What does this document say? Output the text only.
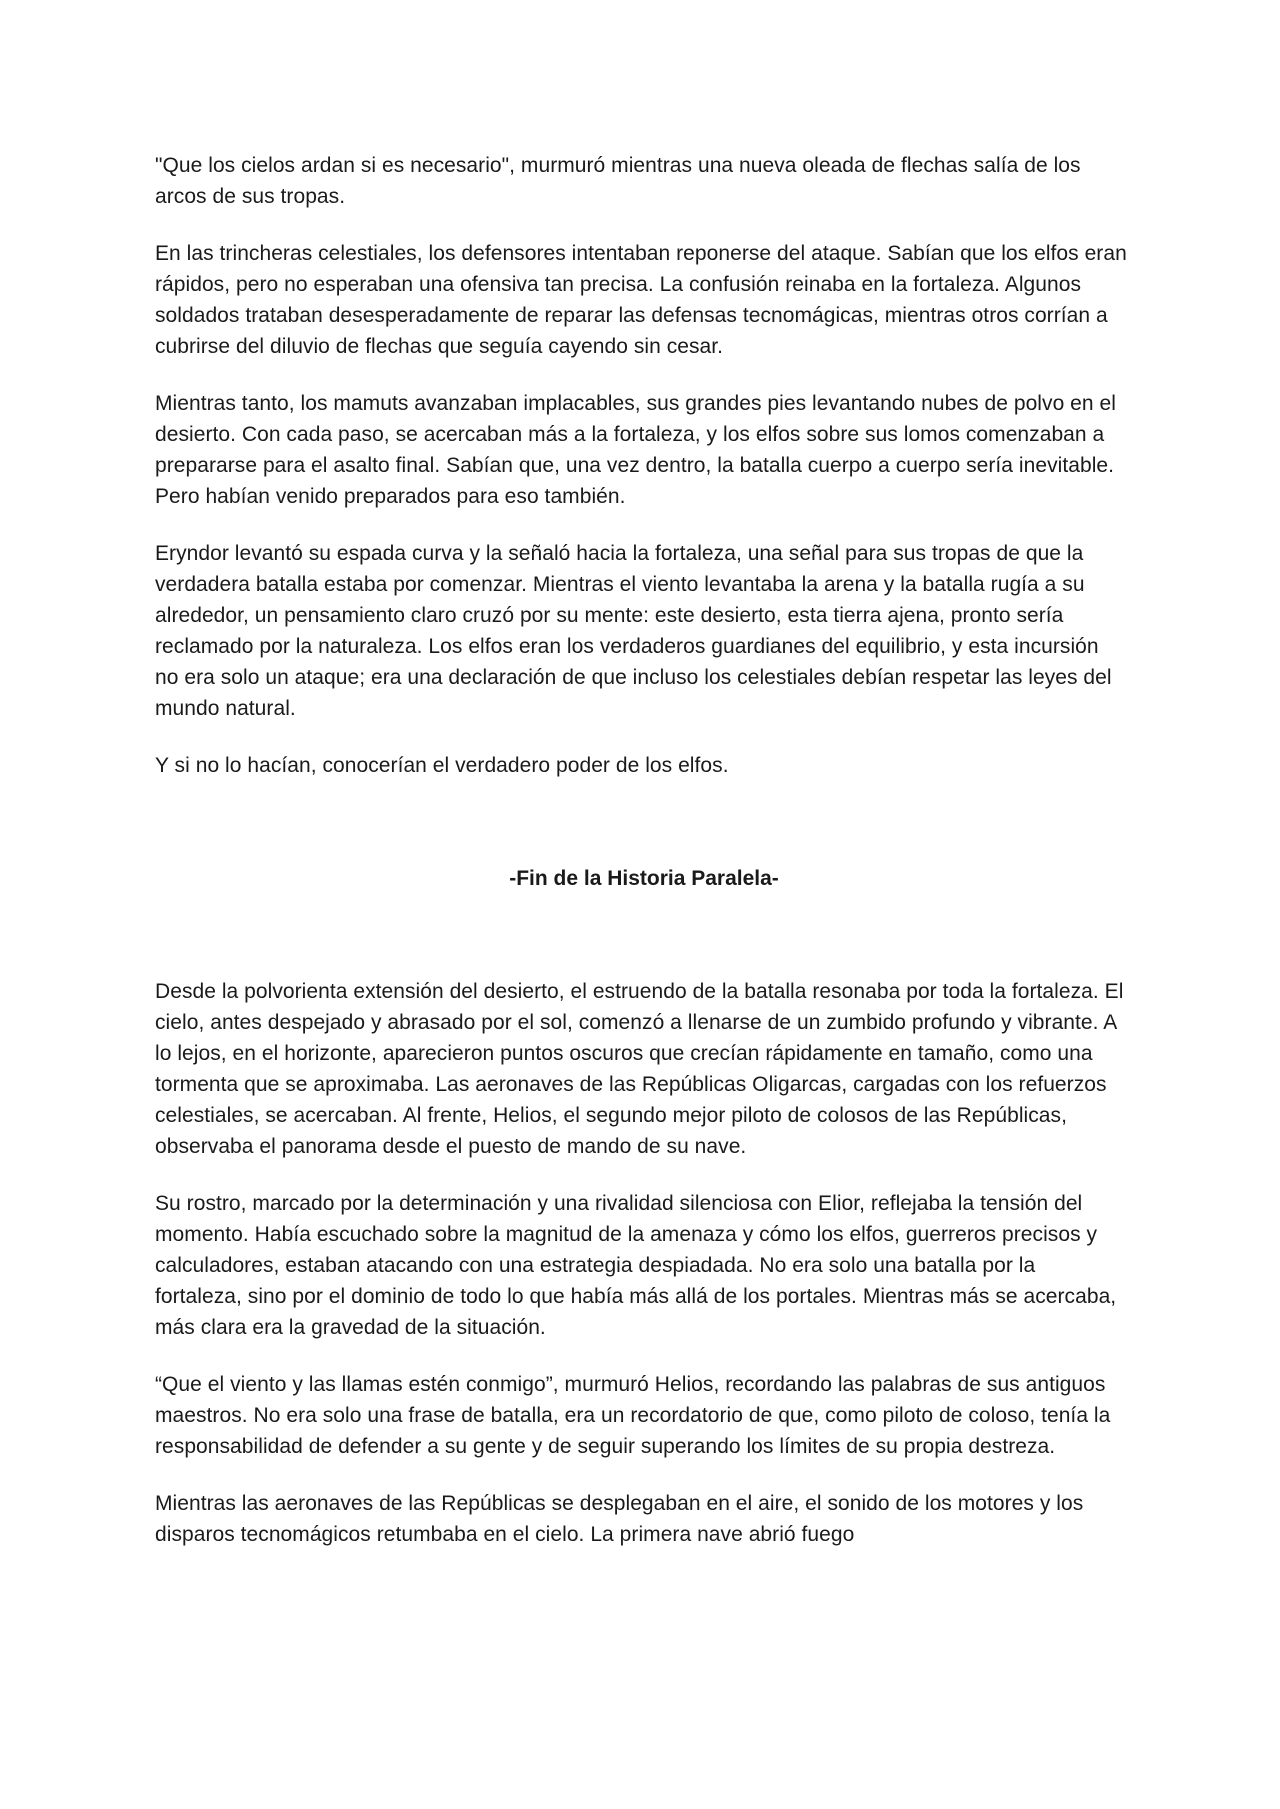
"Que los cielos ardan si es necesario", murmuró mientras una nueva oleada de flechas salía de los arcos de sus tropas.

En las trincheras celestiales, los defensores intentaban reponerse del ataque. Sabían que los elfos eran rápidos, pero no esperaban una ofensiva tan precisa. La confusión reinaba en la fortaleza. Algunos soldados trataban desesperadamente de reparar las defensas tecnomágicas, mientras otros corrían a cubrirse del diluvio de flechas que seguía cayendo sin cesar.

Mientras tanto, los mamuts avanzaban implacables, sus grandes pies levantando nubes de polvo en el desierto. Con cada paso, se acercaban más a la fortaleza, y los elfos sobre sus lomos comenzaban a prepararse para el asalto final. Sabían que, una vez dentro, la batalla cuerpo a cuerpo sería inevitable. Pero habían venido preparados para eso también.

Eryndor levantó su espada curva y la señaló hacia la fortaleza, una señal para sus tropas de que la verdadera batalla estaba por comenzar. Mientras el viento levantaba la arena y la batalla rugía a su alrededor, un pensamiento claro cruzó por su mente: este desierto, esta tierra ajena, pronto sería reclamado por la naturaleza. Los elfos eran los verdaderos guardianes del equilibrio, y esta incursión no era solo un ataque; era una declaración de que incluso los celestiales debían respetar las leyes del mundo natural.

Y si no lo hacían, conocerían el verdadero poder de los elfos.

-Fin de la Historia Paralela-

Desde la polvorienta extensión del desierto, el estruendo de la batalla resonaba por toda la fortaleza. El cielo, antes despejado y abrasado por el sol, comenzó a llenarse de un zumbido profundo y vibrante. A lo lejos, en el horizonte, aparecieron puntos oscuros que crecían rápidamente en tamaño, como una tormenta que se aproximaba. Las aeronaves de las Repúblicas Oligarcas, cargadas con los refuerzos celestiales, se acercaban. Al frente, Helios, el segundo mejor piloto de colosos de las Repúblicas, observaba el panorama desde el puesto de mando de su nave.

Su rostro, marcado por la determinación y una rivalidad silenciosa con Elior, reflejaba la tensión del momento. Había escuchado sobre la magnitud de la amenaza y cómo los elfos, guerreros precisos y calculadores, estaban atacando con una estrategia despiadada. No era solo una batalla por la fortaleza, sino por el dominio de todo lo que había más allá de los portales. Mientras más se acercaba, más clara era la gravedad de la situación.

“Que el viento y las llamas estén conmigo”, murmuró Helios, recordando las palabras de sus antiguos maestros. No era solo una frase de batalla, era un recordatorio de que, como piloto de coloso, tenía la responsabilidad de defender a su gente y de seguir superando los límites de su propia destreza.

Mientras las aeronaves de las Repúblicas se desplegaban en el aire, el sonido de los motores y los disparos tecnomágicos retumbaba en el cielo. La primera nave abrió fuego
